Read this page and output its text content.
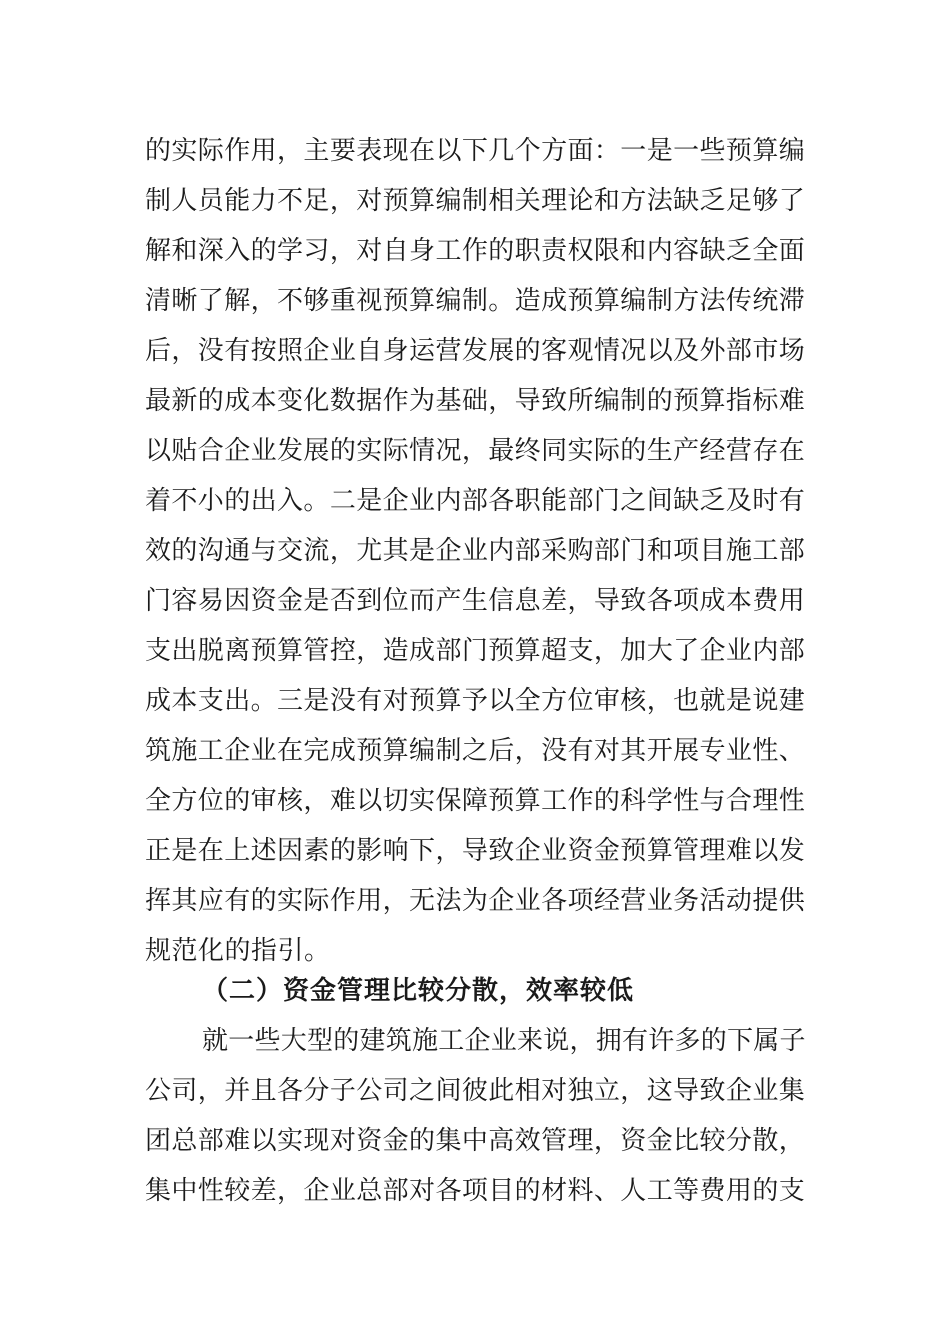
的实际作用，主要表现在以下几个方面：一是一些预算编
制人员能力不足，对预算编制相关理论和方法缺乏足够了
解和深入的学习，对自身工作的职责权限和内容缺乏全面
清晰了解，不够重视预算编制。造成预算编制方法传统滞
后，没有按照企业自身运营发展的客观情况以及外部市场
最新的成本变化数据作为基础，导致所编制的预算指标难
以贴合企业发展的实际情况，最终同实际的生产经营存在
着不小的出入。二是企业内部各职能部门之间缺乏及时有
效的沟通与交流，尤其是企业内部采购部门和项目施工部
门容易因资金是否到位而产生信息差，导致各项成本费用
支出脱离预算管控，造成部门预算超支，加大了企业内部
成本支出。三是没有对预算予以全方位审核，也就是说建
筑施工企业在完成预算编制之后，没有对其开展专业性、
全方位的审核，难以切实保障预算工作的科学性与合理性
正是在上述因素的影响下，导致企业资金预算管理难以发
挥其应有的实际作用，无法为企业各项经营业务活动提供
规范化的指引。
（二）资金管理比较分散，效率较低
就一些大型的建筑施工企业来说，拥有许多的下属子
公司，并且各分子公司之间彼此相对独立，这导致企业集
团总部难以实现对资金的集中高效管理，资金比较分散，
集中性较差，企业总部对各项目的材料、人工等费用的支
